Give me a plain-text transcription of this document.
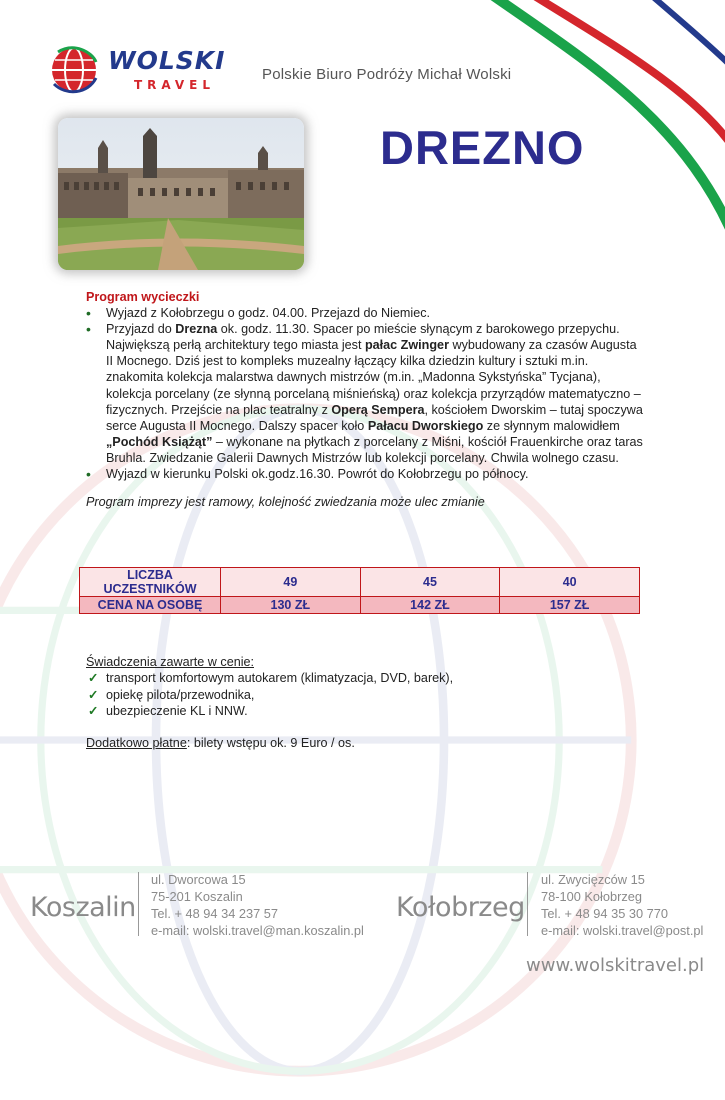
WOLSKI
TRAVEL
Polskie Biuro Podróży Michał Wolski
DREZNO
Program wycieczki
• Wyjazd z Kołobrzegu o godz. 04.00. Przejazd do Niemiec.
• Przyjazd do Drezna ok. godz. 11.30. Spacer po mieście słynącym z barokowego przepychu. Największą perłą architektury tego miasta jest pałac Zwinger wybudowany za czasów Augusta II Mocnego. Dziś jest to kompleks muzealny łączący kilka dziedzin kultury i sztuki m.in. znakomita kolekcja malarstwa dawnych mistrzów (m.in. „Madonna Sykstyńska” Tycjana), kolekcja porcelany (ze słynną porcelaną miśnieńską) oraz kolekcja przyrządów matematyczno – fizycznych. Przejście na plac teatralny z Operą Sempera, kościołem Dworskim – tutaj spoczywa serce Augusta II Mocnego. Dalszy spacer koło Pałacu Dworskiego ze słynnym malowidłem „Pochód Książąt” – wykonane na płytkach z porcelany z Miśni, kościół Frauenkirche oraz taras Bruhla. Zwiedzanie Galerii Dawnych Mistrzów lub kolekcji porcelany. Chwila wolnego czasu.
• Wyjazd w kierunku Polski ok.godz.16.30. Powrót do Kołobrzegu po północy.
Program imprezy jest ramowy, kolejność zwiedzania może ulec zmianie
LICZBA UCZESTNIKÓW	49	45	40
CENA NA OSOBĘ	130 ZŁ	142 ZŁ	157 ZŁ
Świadczenia zawarte w cenie:
✓ transport komfortowym autokarem (klimatyzacja, DVD, barek),
✓ opiekę pilota/przewodnika,
✓ ubezpieczenie KL i NNW.
Dodatkowo płatne: bilety wstępu ok. 9 Euro / os.
Koszalin
ul. Dworcowa 15
75-201 Koszalin
Tel. + 48 94 34 237 57
e-mail: wolski.travel@man.koszalin.pl
Kołobrzeg
ul. Zwycięzców 15
78-100 Kołobrzeg
Tel. + 48 94 35 30 770
e-mail: wolski.travel@post.pl
www.wolskitravel.pl
